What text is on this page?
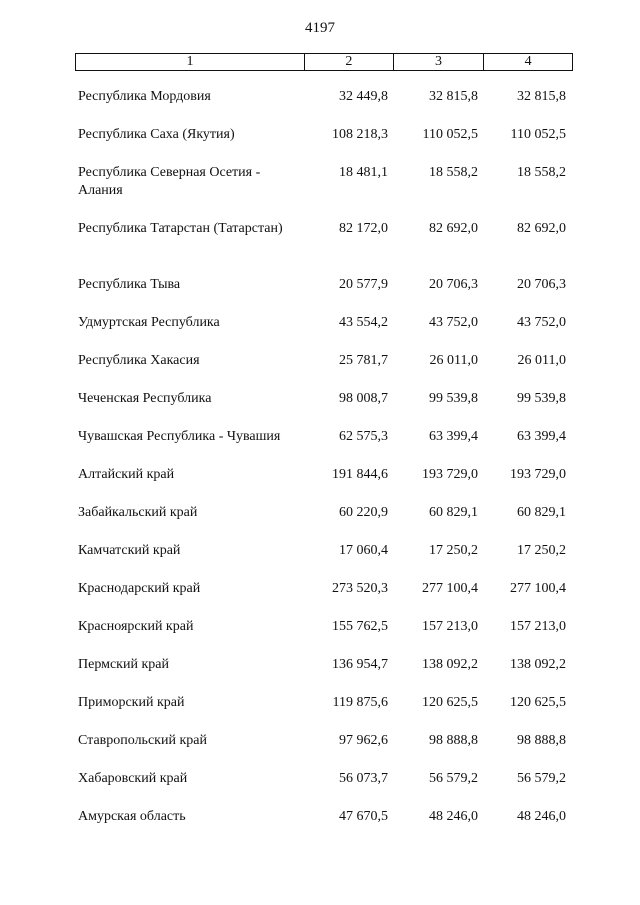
4197
1	2	3	4
Республика Мордовия	32 449,8	32 815,8	32 815,8
Республика Саха (Якутия)	108 218,3	110 052,5	110 052,5
Республика Северная Осетия - Алания
18 481,1	18 558,2	18 558,2
Республика Татарстан (Татарстан)	82 172,0	82 692,0	82 692,0
Республика Тыва	20 577,9	20 706,3	20 706,3
Удмуртская Республика	43 554,2	43 752,0	43 752,0
Республика Хакасия	25 781,7	26 011,0	26 011,0
Чеченская Республика	98 008,7	99 539,8	99 539,8
Чувашская Республика - Чувашия	62 575,3	63 399,4	63 399,4
Алтайский край	191 844,6	193 729,0	193 729,0
Забайкальский край	60 220,9	60 829,1	60 829,1
Камчатский край	17 060,4	17 250,2	17 250,2
Краснодарский край	273 520,3	277 100,4	277 100,4
Красноярский край	155 762,5	157 213,0	157 213,0
Пермский край	136 954,7	138 092,2	138 092,2
Приморский край	119 875,6	120 625,5	120 625,5
Ставропольский край	97 962,6	98 888,8	98 888,8
Хабаровский край	56 073,7	56 579,2	56 579,2
Амурская область	47 670,5	48 246,0	48 246,0
